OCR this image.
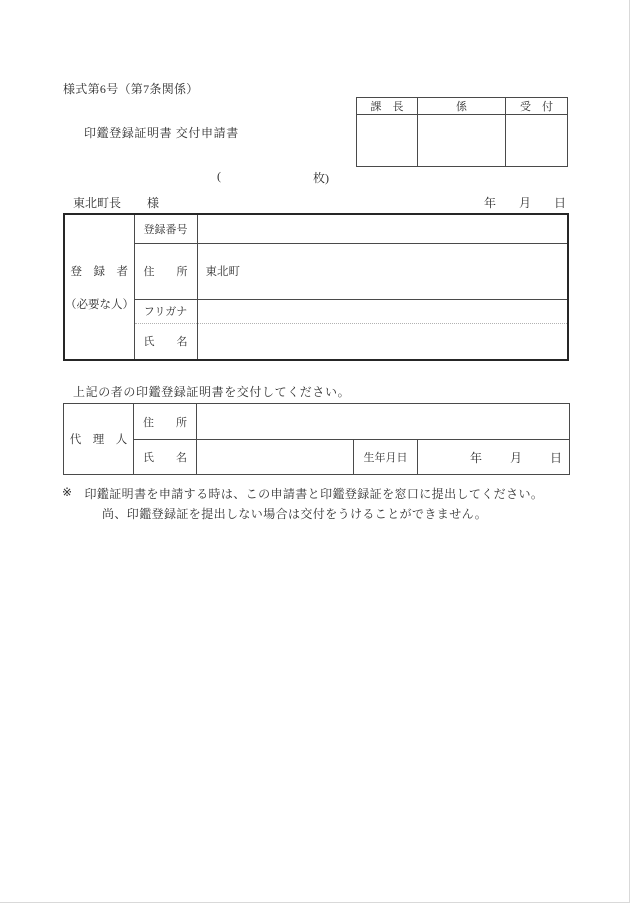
様式第6号（第7条関係）
課　長	係	受　付

印鑑登録証明書 交付申請書
(	枚)
東北町長 様	年 月 日
登　録　者
（必要な人）	登録番号	
	住　　所	東北町
	フリガナ	
	氏　　名	
上記の者の印鑑登録証明書を交付してください。
代　理　人	住　　所			
	氏　　名		生年月日	年 月 日
※ 印鑑証明書を申請する時は、この申請書と印鑑登録証を窓口に提出してください。
尚、印鑑登録証を提出しない場合は交付をうけることができません。
